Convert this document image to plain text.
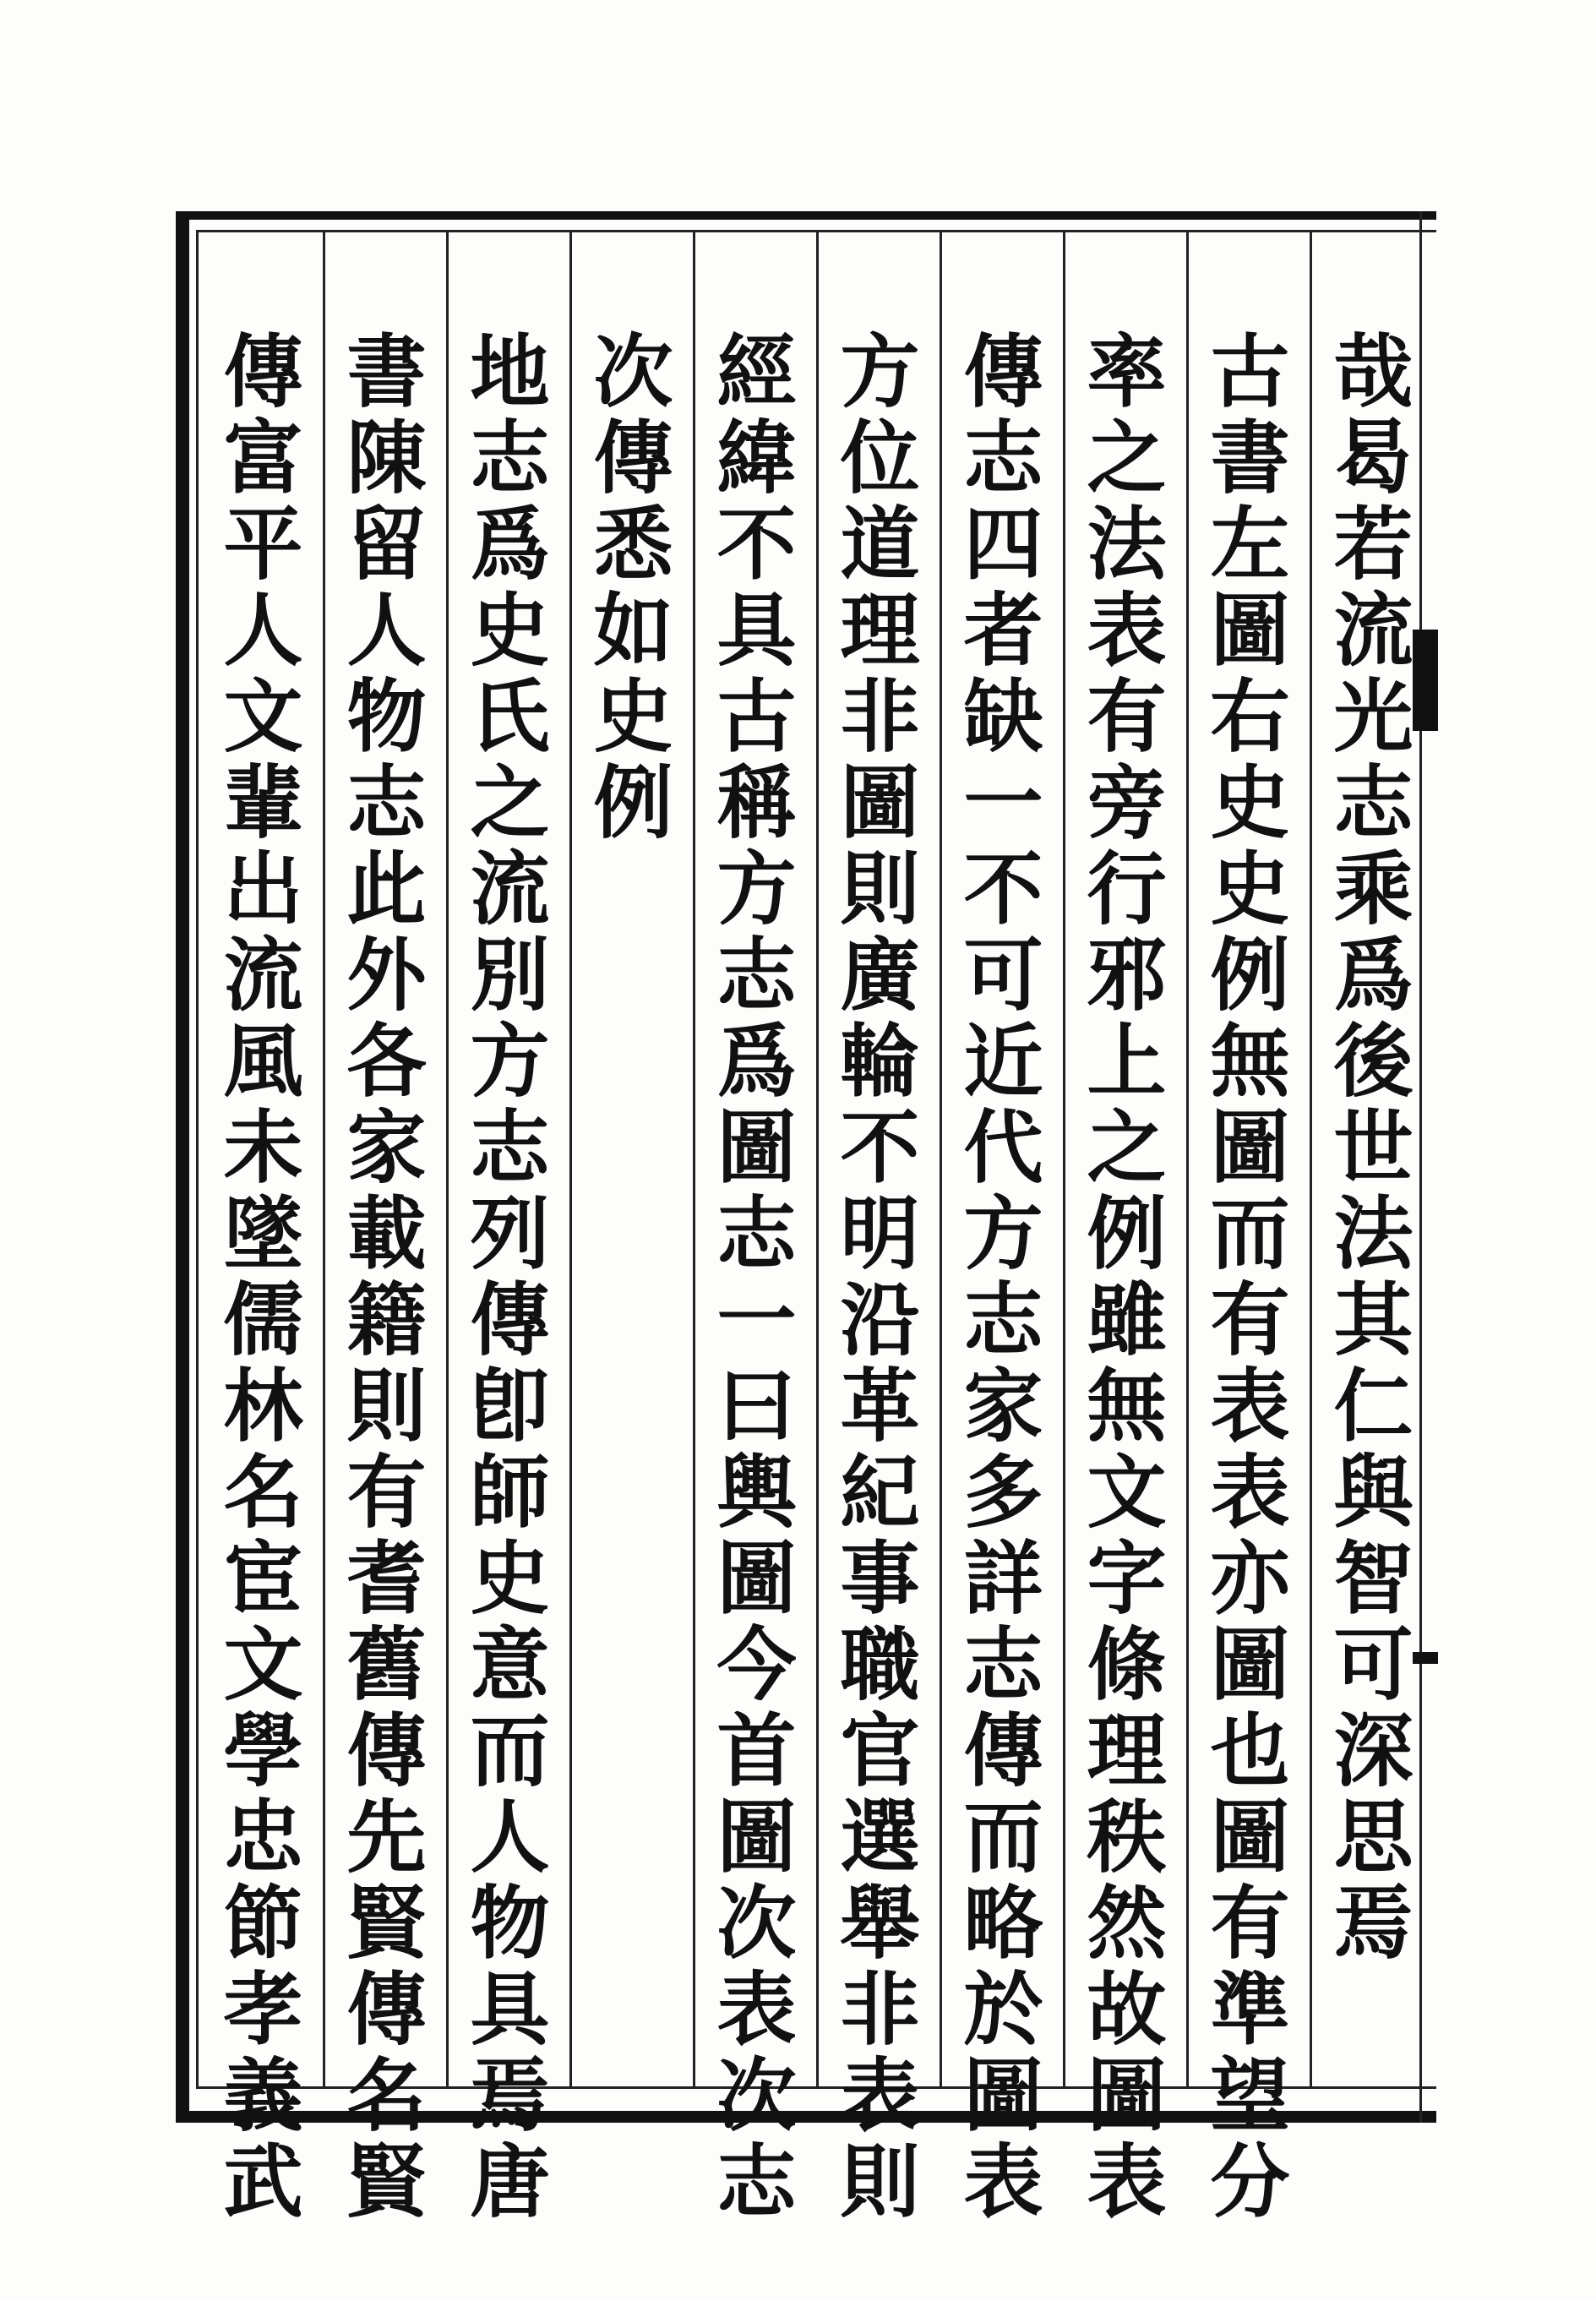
哉曷若流光志乘爲後世法其仁與智可深思焉
古書左圖右史史例無圖而有表表亦圖也圖有準望分
率之法表有旁行邪上之例雖無文字條理秩然故圖表
傳志四者缺一不可近代方志家多詳志傳而略於圖表
方位道理非圖則廣輪不明沿革紀事職官選舉非表則
經緯不具古稱方志爲圖志一曰輿圖今首圖次表次志
次傳悉如史例
地志爲史氏之流別方志列傳卽師史意而人物具焉唐
書陳留人物志此外各家載籍則有耆舊傳先賢傳名賢
傳富平人文輩出流風未墜儒林名宦文學忠節孝義武
